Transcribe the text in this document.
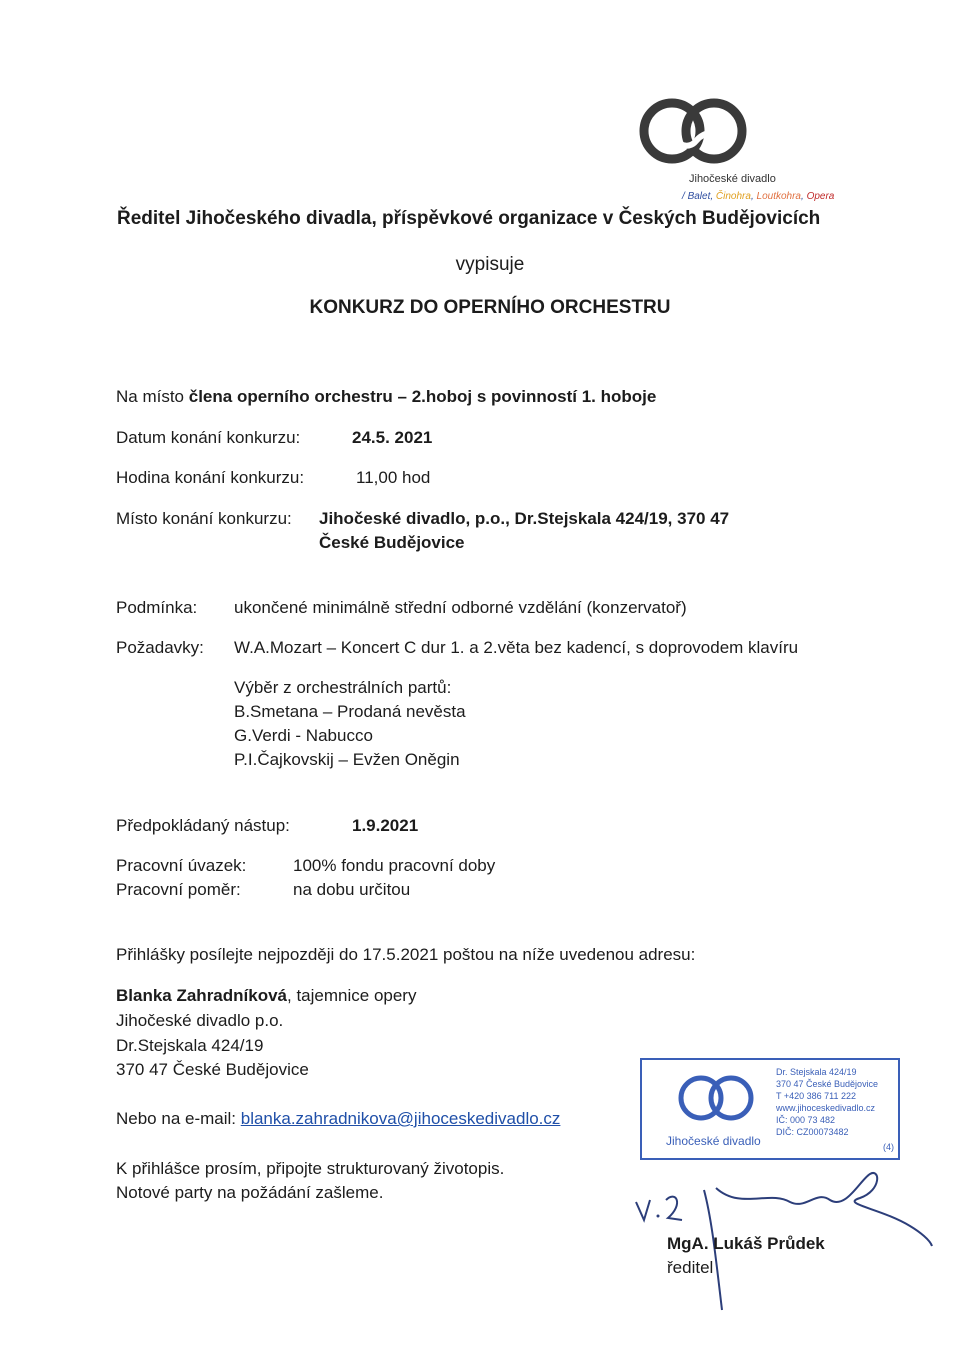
Jihočeské divadlo
/ Balet, Činohra, Loutkohra, Opera
Ředitel Jihočeského divadla, příspěvkové organizace v Českých Budějovicích
vypisuje
KONKURZ DO OPERNÍHO ORCHESTRU
Na místo člena operního orchestru – 2.hoboj s povinností 1. hoboje
Datum konání konkurzu:	24.5. 2021
Hodina konání konkurzu:	11,00 hod
Místo konání konkurzu: Jihočeské divadlo, p.o., Dr.Stejskala 424/19, 370 47
České Budějovice
Podmínka: ukončené minimálně střední odborné vzdělání (konzervatoř)
Požadavky: W.A.Mozart – Koncert C dur 1. a 2.věta bez kadencí, s doprovodem klavíru
Výběr z orchestrálních partů:
B.Smetana – Prodaná nevěsta
G.Verdi - Nabucco
P.I.Čajkovskij – Evžen Oněgin
Předpokládaný nástup:	1.9.2021
Pracovní úvazek:	100% fondu pracovní doby
Pracovní poměr:	na dobu určitou
Přihlášky posílejte nejpozději do 17.5.2021 poštou na níže uvedenou adresu:
Blanka Zahradníková, tajemnice opery
Jihočeské divadlo p.o.
Dr.Stejskala 424/19
370 47 České Budějovice
Nebo na e-mail: blanka.zahradnikova@jihoceskedivadlo.cz
K přihlášce prosím, připojte strukturovaný životopis.
Notové party na požádání zašleme.
Jihočeské divadlo
Dr. Stejskala 424/19
370 47 České Budějovice
T +420 386 711 222
www.jihoceskedivadlo.cz
IČ: 000 73 482
DIČ: CZ00073482
(4)
MgA. Lukáš Průdek
ředitel
